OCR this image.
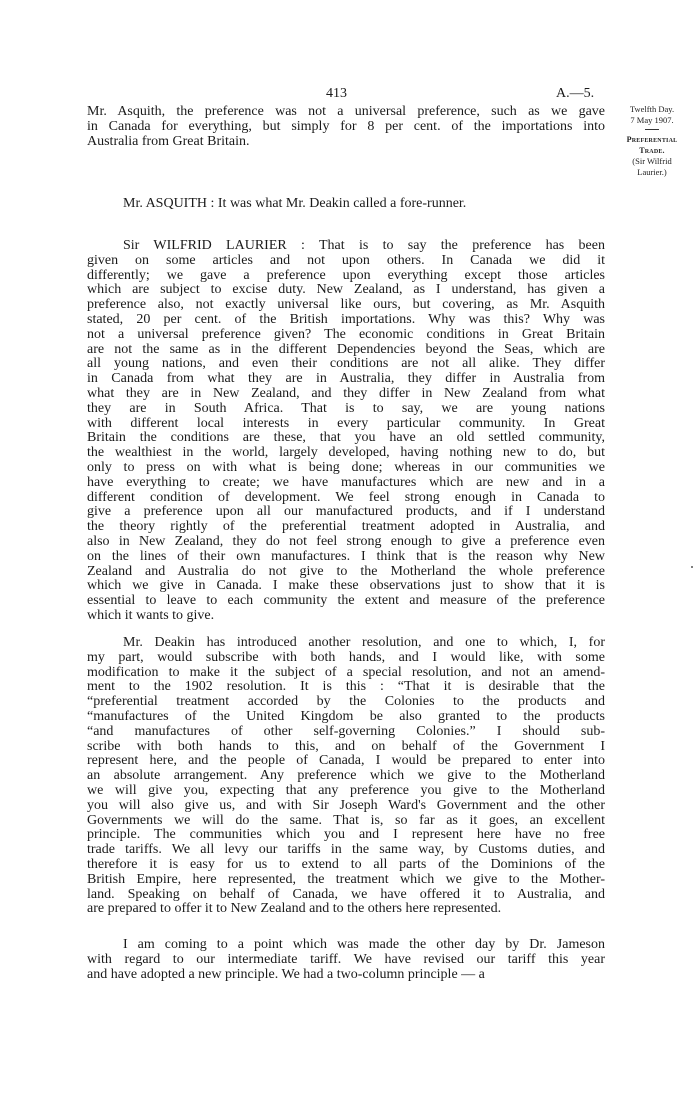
413	A.—5.
Twelfth Day.
7 May 1907.
Preferential
Trade.
(Sir Wilfrid
Laurier.)
Mr. Asquith, the preference was not a universal preference, such as we gave
in Canada for everything, but simply for 8 per cent. of the importations into
Australia from Great Britain.
Mr. ASQUITH : It was what Mr. Deakin called a fore-runner.
Sir WILFRID LAURIER : That is to say the preference has been
given on some articles and not upon others. In Canada we did it
differently; we gave a preference upon everything except those articles
which are subject to excise duty. New Zealand, as I understand, has given a
preference also, not exactly universal like ours, but covering, as Mr. Asquith
stated, 20 per cent. of the British importations. Why was this? Why was
not a universal preference given? The economic conditions in Great Britain
are not the same as in the different Dependencies beyond the Seas, which are
all young nations, and even their conditions are not all alike. They differ
in Canada from what they are in Australia, they differ in Australia from
what they are in New Zealand, and they differ in New Zealand from what
they are in South Africa. That is to say, we are young nations
with different local interests in every particular community. In Great
Britain the conditions are these, that you have an old settled community,
the wealthiest in the world, largely developed, having nothing new to do, but
only to press on with what is being done; whereas in our communities we
have everything to create; we have manufactures which are new and in a
different condition of development. We feel strong enough in Canada to
give a preference upon all our manufactured products, and if I understand
the theory rightly of the preferential treatment adopted in Australia, and
also in New Zealand, they do not feel strong enough to give a preference even
on the lines of their own manufactures. I think that is the reason why New
Zealand and Australia do not give to the Motherland the whole preference
which we give in Canada. I make these observations just to show that it is
essential to leave to each community the extent and measure of the preference
which it wants to give.
Mr. Deakin has introduced another resolution, and one to which, I, for
my part, would subscribe with both hands, and I would like, with some
modification to make it the subject of a special resolution, and not an amend-
ment to the 1902 resolution. It is this : “That it is desirable that the
“preferential treatment accorded by the Colonies to the products and
“manufactures of the United Kingdom be also granted to the products
“and manufactures of other self-governing Colonies.” I should sub-
scribe with both hands to this, and on behalf of the Government I
represent here, and the people of Canada, I would be prepared to enter into
an absolute arrangement. Any preference which we give to the Motherland
we will give you, expecting that any preference you give to the Motherland
you will also give us, and with Sir Joseph Ward's Government and the other
Governments we will do the same. That is, so far as it goes, an excellent
principle. The communities which you and I represent here have no free
trade tariffs. We all levy our tariffs in the same way, by Customs duties, and
therefore it is easy for us to extend to all parts of the Dominions of the
British Empire, here represented, the treatment which we give to the Mother-
land. Speaking on behalf of Canada, we have offered it to Australia, and
are prepared to offer it to New Zealand and to the others here represented.
I am coming to a point which was made the other day by Dr. Jameson
with regard to our intermediate tariff. We have revised our tariff this year
and have adopted a new principle. We had a two-column principle — a
